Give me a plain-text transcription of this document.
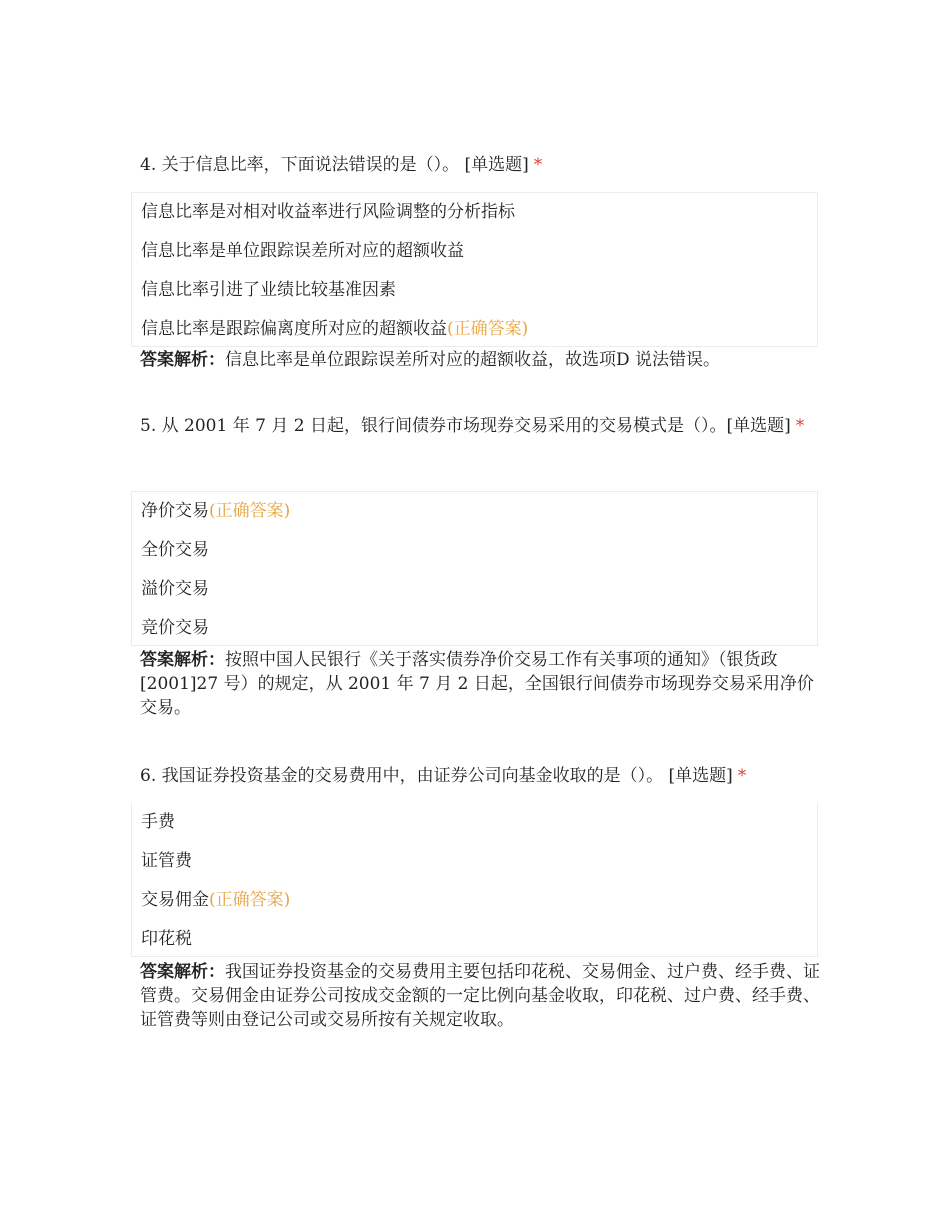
4. 关于信息比率，下面说法错误的是（）。 [单选题] *
信息比率是对相对收益率进行风险调整的分析指标
信息比率是单位跟踪误差所对应的超额收益
信息比率引进了业绩比较基准因素
信息比率是跟踪偏离度所对应的超额收益(正确答案)
答案解析：信息比率是单位跟踪误差所对应的超额收益，故选项D 说法错误。
5. 从 2001 年 7 月 2 日起，银行间债券市场现券交易采用的交易模式是（）。[单选题] *
净价交易(正确答案)
全价交易
溢价交易
竞价交易
答案解析：按照中国人民银行《关于落实债券净价交易工作有关事项的通知》（银货政[2001]27 号）的规定，从 2001 年 7 月 2 日起，全国银行间债券市场现券交易采用净价交易。
6. 我国证券投资基金的交易费用中，由证券公司向基金收取的是（）。 [单选题] *
手费
证管费
交易佣金(正确答案)
印花税
答案解析：我国证券投资基金的交易费用主要包括印花税、交易佣金、过户费、经手费、证管费。交易佣金由证券公司按成交金额的一定比例向基金收取，印花税、过户费、经手费、证管费等则由登记公司或交易所按有关规定收取。
